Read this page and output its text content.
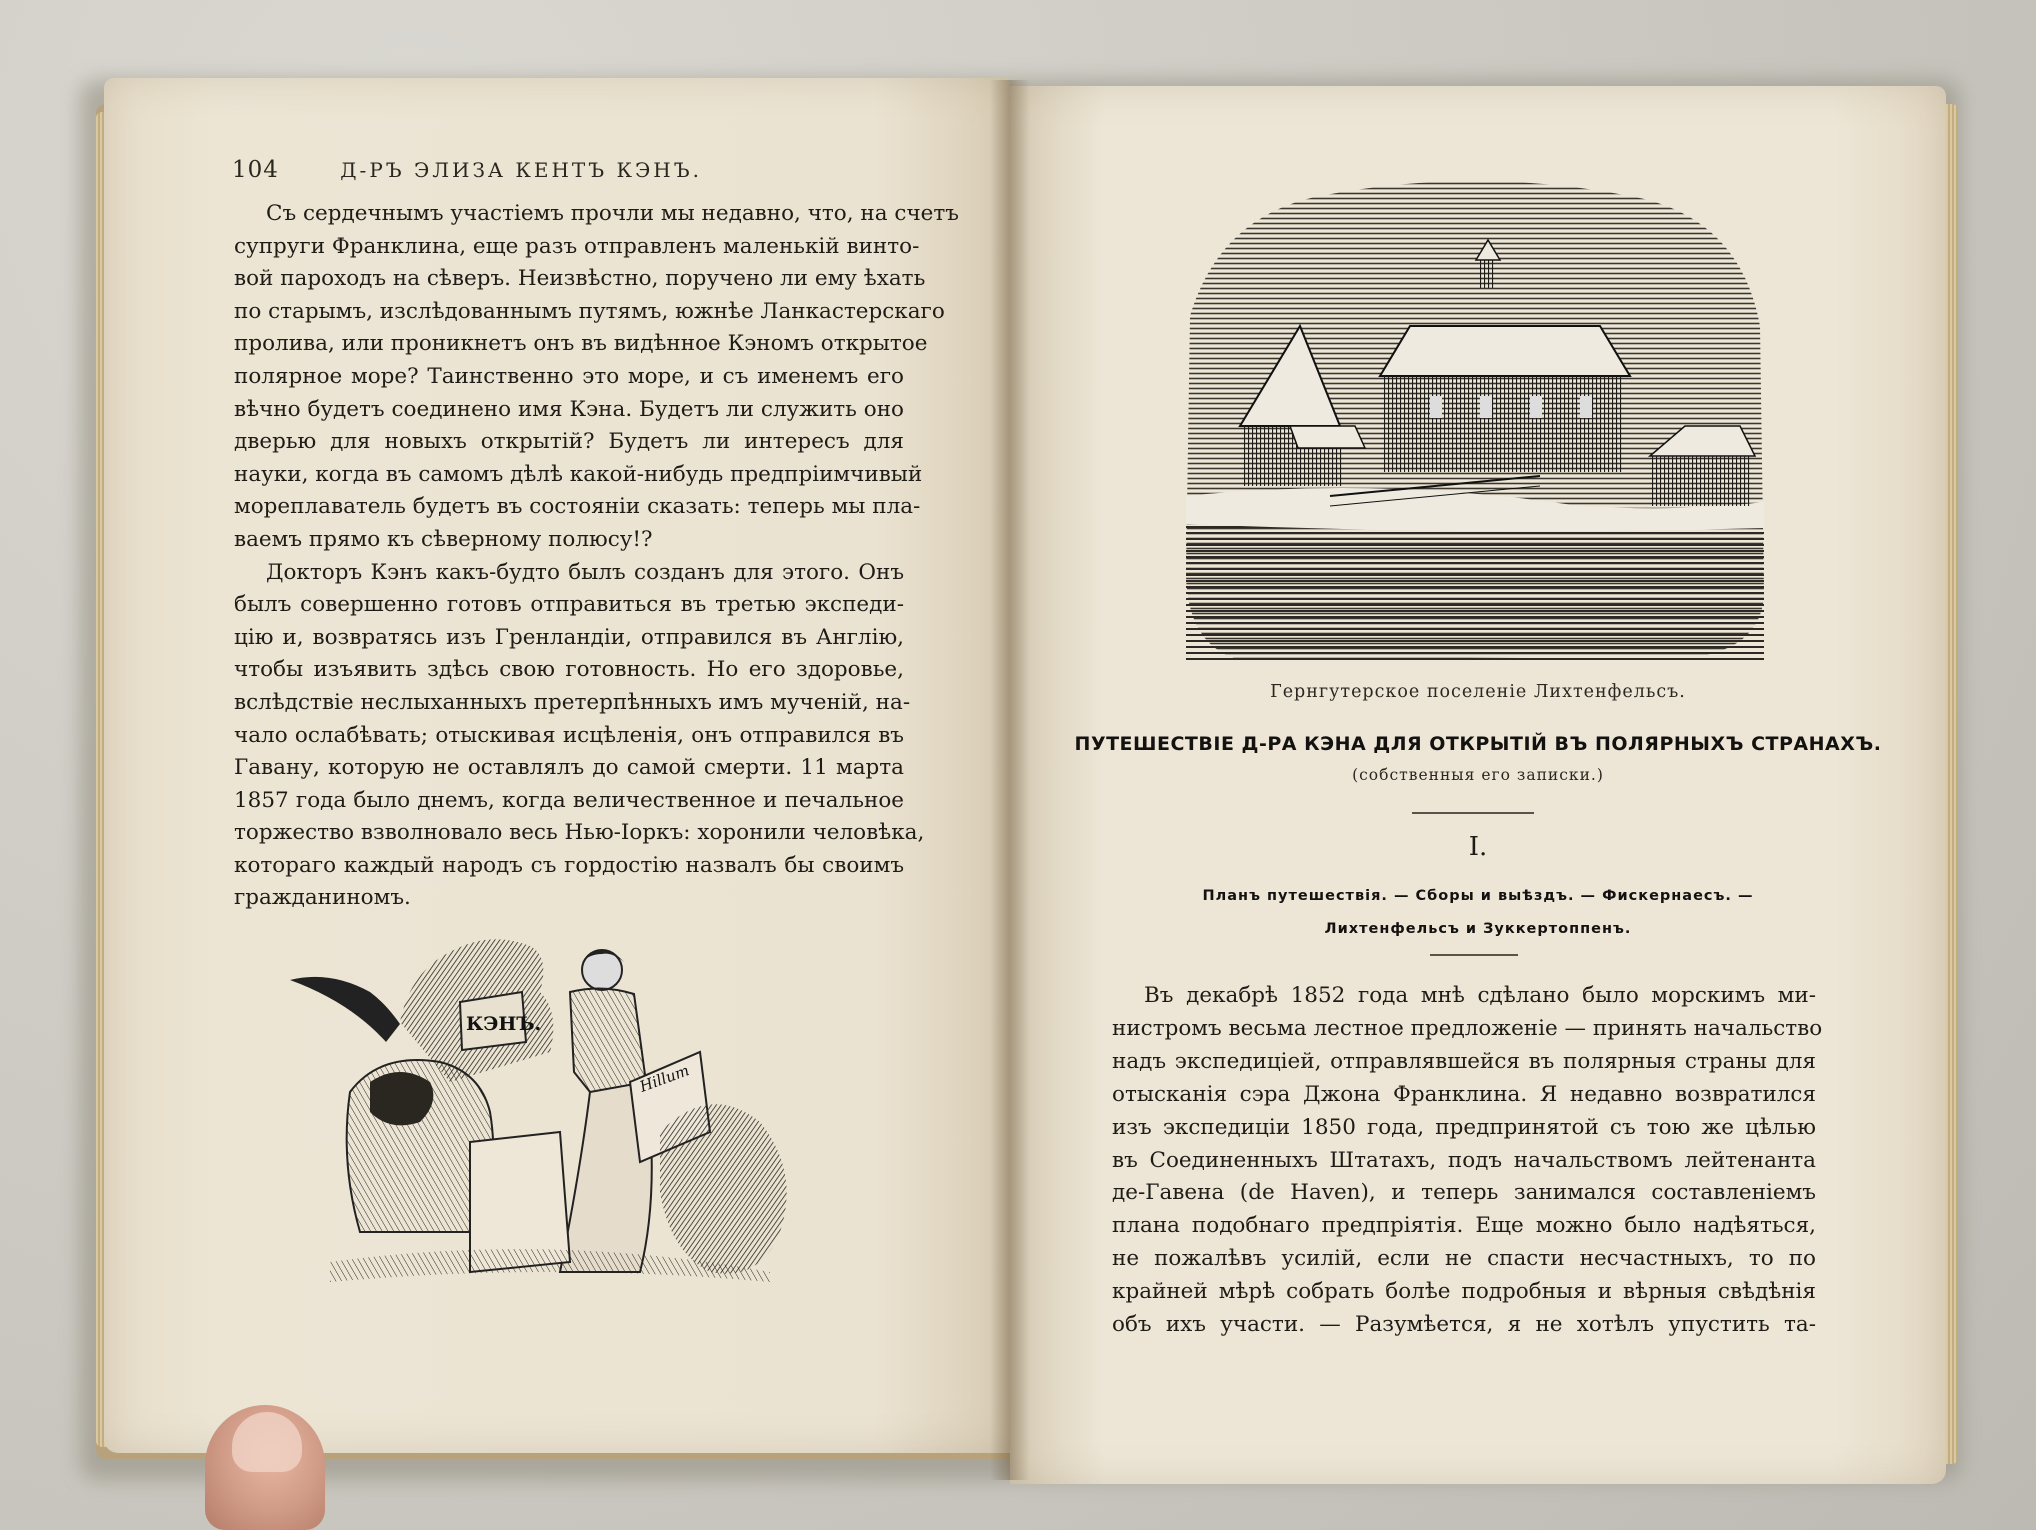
104	Д-РЪ ЭЛИЗА КЕНТЪ КЭНЪ.
Съ сердечнымъ участіемъ прочли мы недавно, что, на счетъ
супруги Франклина, еще разъ отправленъ маленькій винто-
вой пароходъ на сѣверъ. Неизвѣстно, поручено ли ему ѣхать
по старымъ, изслѣдованнымъ путямъ, южнѣе Ланкастерскаго
пролива, или проникнетъ онъ въ видѣнное Кэномъ открытое
полярное море? Таинственно это море, и съ именемъ его
вѣчно будетъ соединено имя Кэна. Будетъ ли служить оно
дверью для новыхъ открытій? Будетъ ли интересъ для
науки, когда въ самомъ дѣлѣ какой-нибудь предпріимчивый
мореплаватель будетъ въ состояніи сказать: теперь мы пла-
ваемъ прямо къ сѣверному полюсу!?
Докторъ Кэнъ какъ-будто былъ созданъ для этого. Онъ
былъ совершенно готовъ отправиться въ третью экспеди-
цію и, возвратясь изъ Гренландіи, отправился въ Англію,
чтобы изъявить здѣсь свою готовность. Но его здоровье,
вслѣдствіе неслыханныхъ претерпѣнныхъ имъ мученій, на-
чало ослабѣвать; отыскивая исцѣленія, онъ отправился въ
Гавану, которую не оставлялъ до самой смерти. 11 марта
1857 года было днемъ, когда величественное и печальное
торжество взволновало весь Нью-Іоркъ: хоронили человѣка,
котораго каждый народъ съ гордостію назвалъ бы своимъ
гражданиномъ.
КЭНЪ.
Hillum
Гернгутерское поселеніе Лихтенфельсъ.
ПУТЕШЕСТВІЕ Д-РА КЭНА ДЛЯ ОТКРЫТІЙ ВЪ ПОЛЯРНЫХЪ СТРАНАХЪ.
(собственныя его записки.)
I.
Планъ путешествія. — Сборы и выѣздъ. — Фискернаесъ. —
Лихтенфельсъ и Зуккертоппенъ.
Въ декабрѣ 1852 года мнѣ сдѣлано было морскимъ ми-
нистромъ весьма лестное предложеніе — принять начальство
надъ экспедиціей, отправлявшейся въ полярныя страны для
отысканія сэра Джона Франклина. Я недавно возвратился
изъ экспедиціи 1850 года, предпринятой съ тою же цѣлью
въ Соединенныхъ Штатахъ, подъ начальствомъ лейтенанта
де-Гавена (de Haven), и теперь занимался составленіемъ
плана подобнаго предпріятія. Еще можно было надѣяться,
не пожалѣвъ усилій, если не спасти несчастныхъ, то по
крайней мѣрѣ собрать болѣе подробныя и вѣрныя свѣдѣнія
объ ихъ участи. — Разумѣется, я не хотѣлъ упустить та-
